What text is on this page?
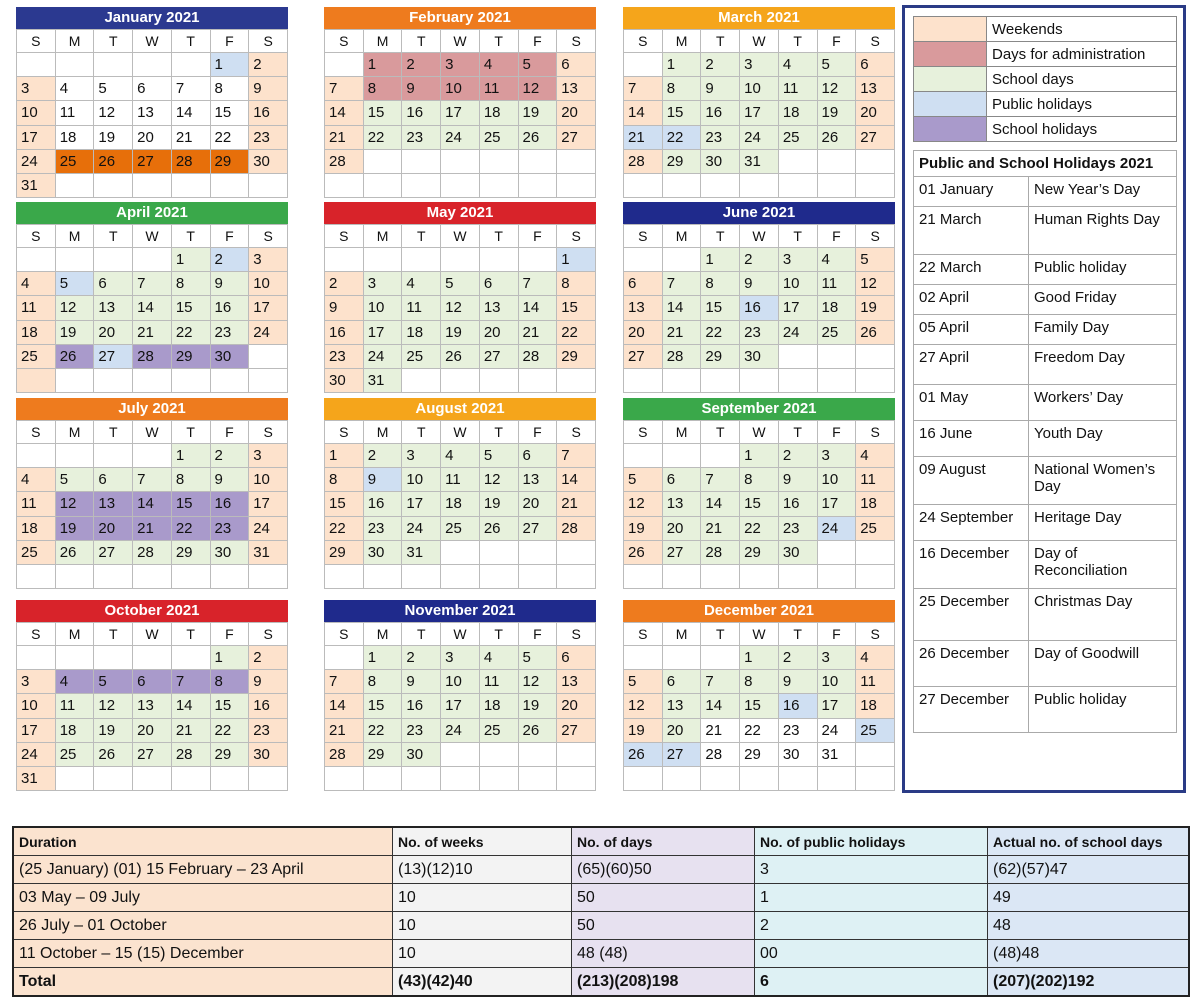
January 2021
S	M	T	W	T	F	S
					1	2
3	4	5	6	7	8	9
10	11	12	13	14	15	16
17	18	19	20	21	22	23
24	25	26	27	28	29	30
31						
February 2021
S	M	T	W	T	F	S
	1	2	3	4	5	6
7	8	9	10	11	12	13
14	15	16	17	18	19	20
21	22	23	24	25	26	27
28						

March 2021
S	M	T	W	T	F	S
	1	2	3	4	5	6
7	8	9	10	11	12	13
14	15	16	17	18	19	20
21	22	23	24	25	26	27
28	29	30	31			

April 2021
S	M	T	W	T	F	S
				1	2	3
4	5	6	7	8	9	10
11	12	13	14	15	16	17
18	19	20	21	22	23	24
25	26	27	28	29	30	

May 2021
S	M	T	W	T	F	S
						1
2	3	4	5	6	7	8
9	10	11	12	13	14	15
16	17	18	19	20	21	22
23	24	25	26	27	28	29
30	31					
June 2021
S	M	T	W	T	F	S
		1	2	3	4	5
6	7	8	9	10	11	12
13	14	15	16	17	18	19
20	21	22	23	24	25	26
27	28	29	30			

July 2021
S	M	T	W	T	F	S
				1	2	3
4	5	6	7	8	9	10
11	12	13	14	15	16	17
18	19	20	21	22	23	24
25	26	27	28	29	30	31

August 2021
S	M	T	W	T	F	S
1	2	3	4	5	6	7
8	9	10	11	12	13	14
15	16	17	18	19	20	21
22	23	24	25	26	27	28
29	30	31				

September 2021
S	M	T	W	T	F	S
			1	2	3	4
5	6	7	8	9	10	11
12	13	14	15	16	17	18
19	20	21	22	23	24	25
26	27	28	29	30		

October 2021
S	M	T	W	T	F	S
					1	2
3	4	5	6	7	8	9
10	11	12	13	14	15	16
17	18	19	20	21	22	23
24	25	26	27	28	29	30
31						
November 2021
S	M	T	W	T	F	S
	1	2	3	4	5	6
7	8	9	10	11	12	13
14	15	16	17	18	19	20
21	22	23	24	25	26	27
28	29	30				

December 2021
S	M	T	W	T	F	S
			1	2	3	4
5	6	7	8	9	10	11
12	13	14	15	16	17	18
19	20	21	22	23	24	25
26	27	28	29	30	31	

	Weekends
	Days for administration
	School days
	Public holidays
	School holidays
Public and School Holidays 2021	
01 January	New Year’s Day
21 March	Human Rights Day
22 March	Public holiday
02 April	Good Friday
05 April	Family Day
27 April	Freedom Day
01 May	Workers’ Day
16 June	Youth Day
09 August	National Women’s Day
24 September	Heritage Day
16 December	Day of Reconciliation
25 December	Christmas Day
26 December	Day of Goodwill
27 December	Public holiday
Duration	No. of weeks	No. of days	No. of public holidays	Actual no. of school days
(25 January) (01) 15 February – 23 April	(13)(12)10	(65)(60)50	3	(62)(57)47
03 May – 09 July	10	50	1	49
26 July – 01 October	10	50	2	48
11 October – 15 (15) December	10	48 (48)	00	(48)48
Total	(43)(42)40	(213)(208)198	6	(207)(202)192
